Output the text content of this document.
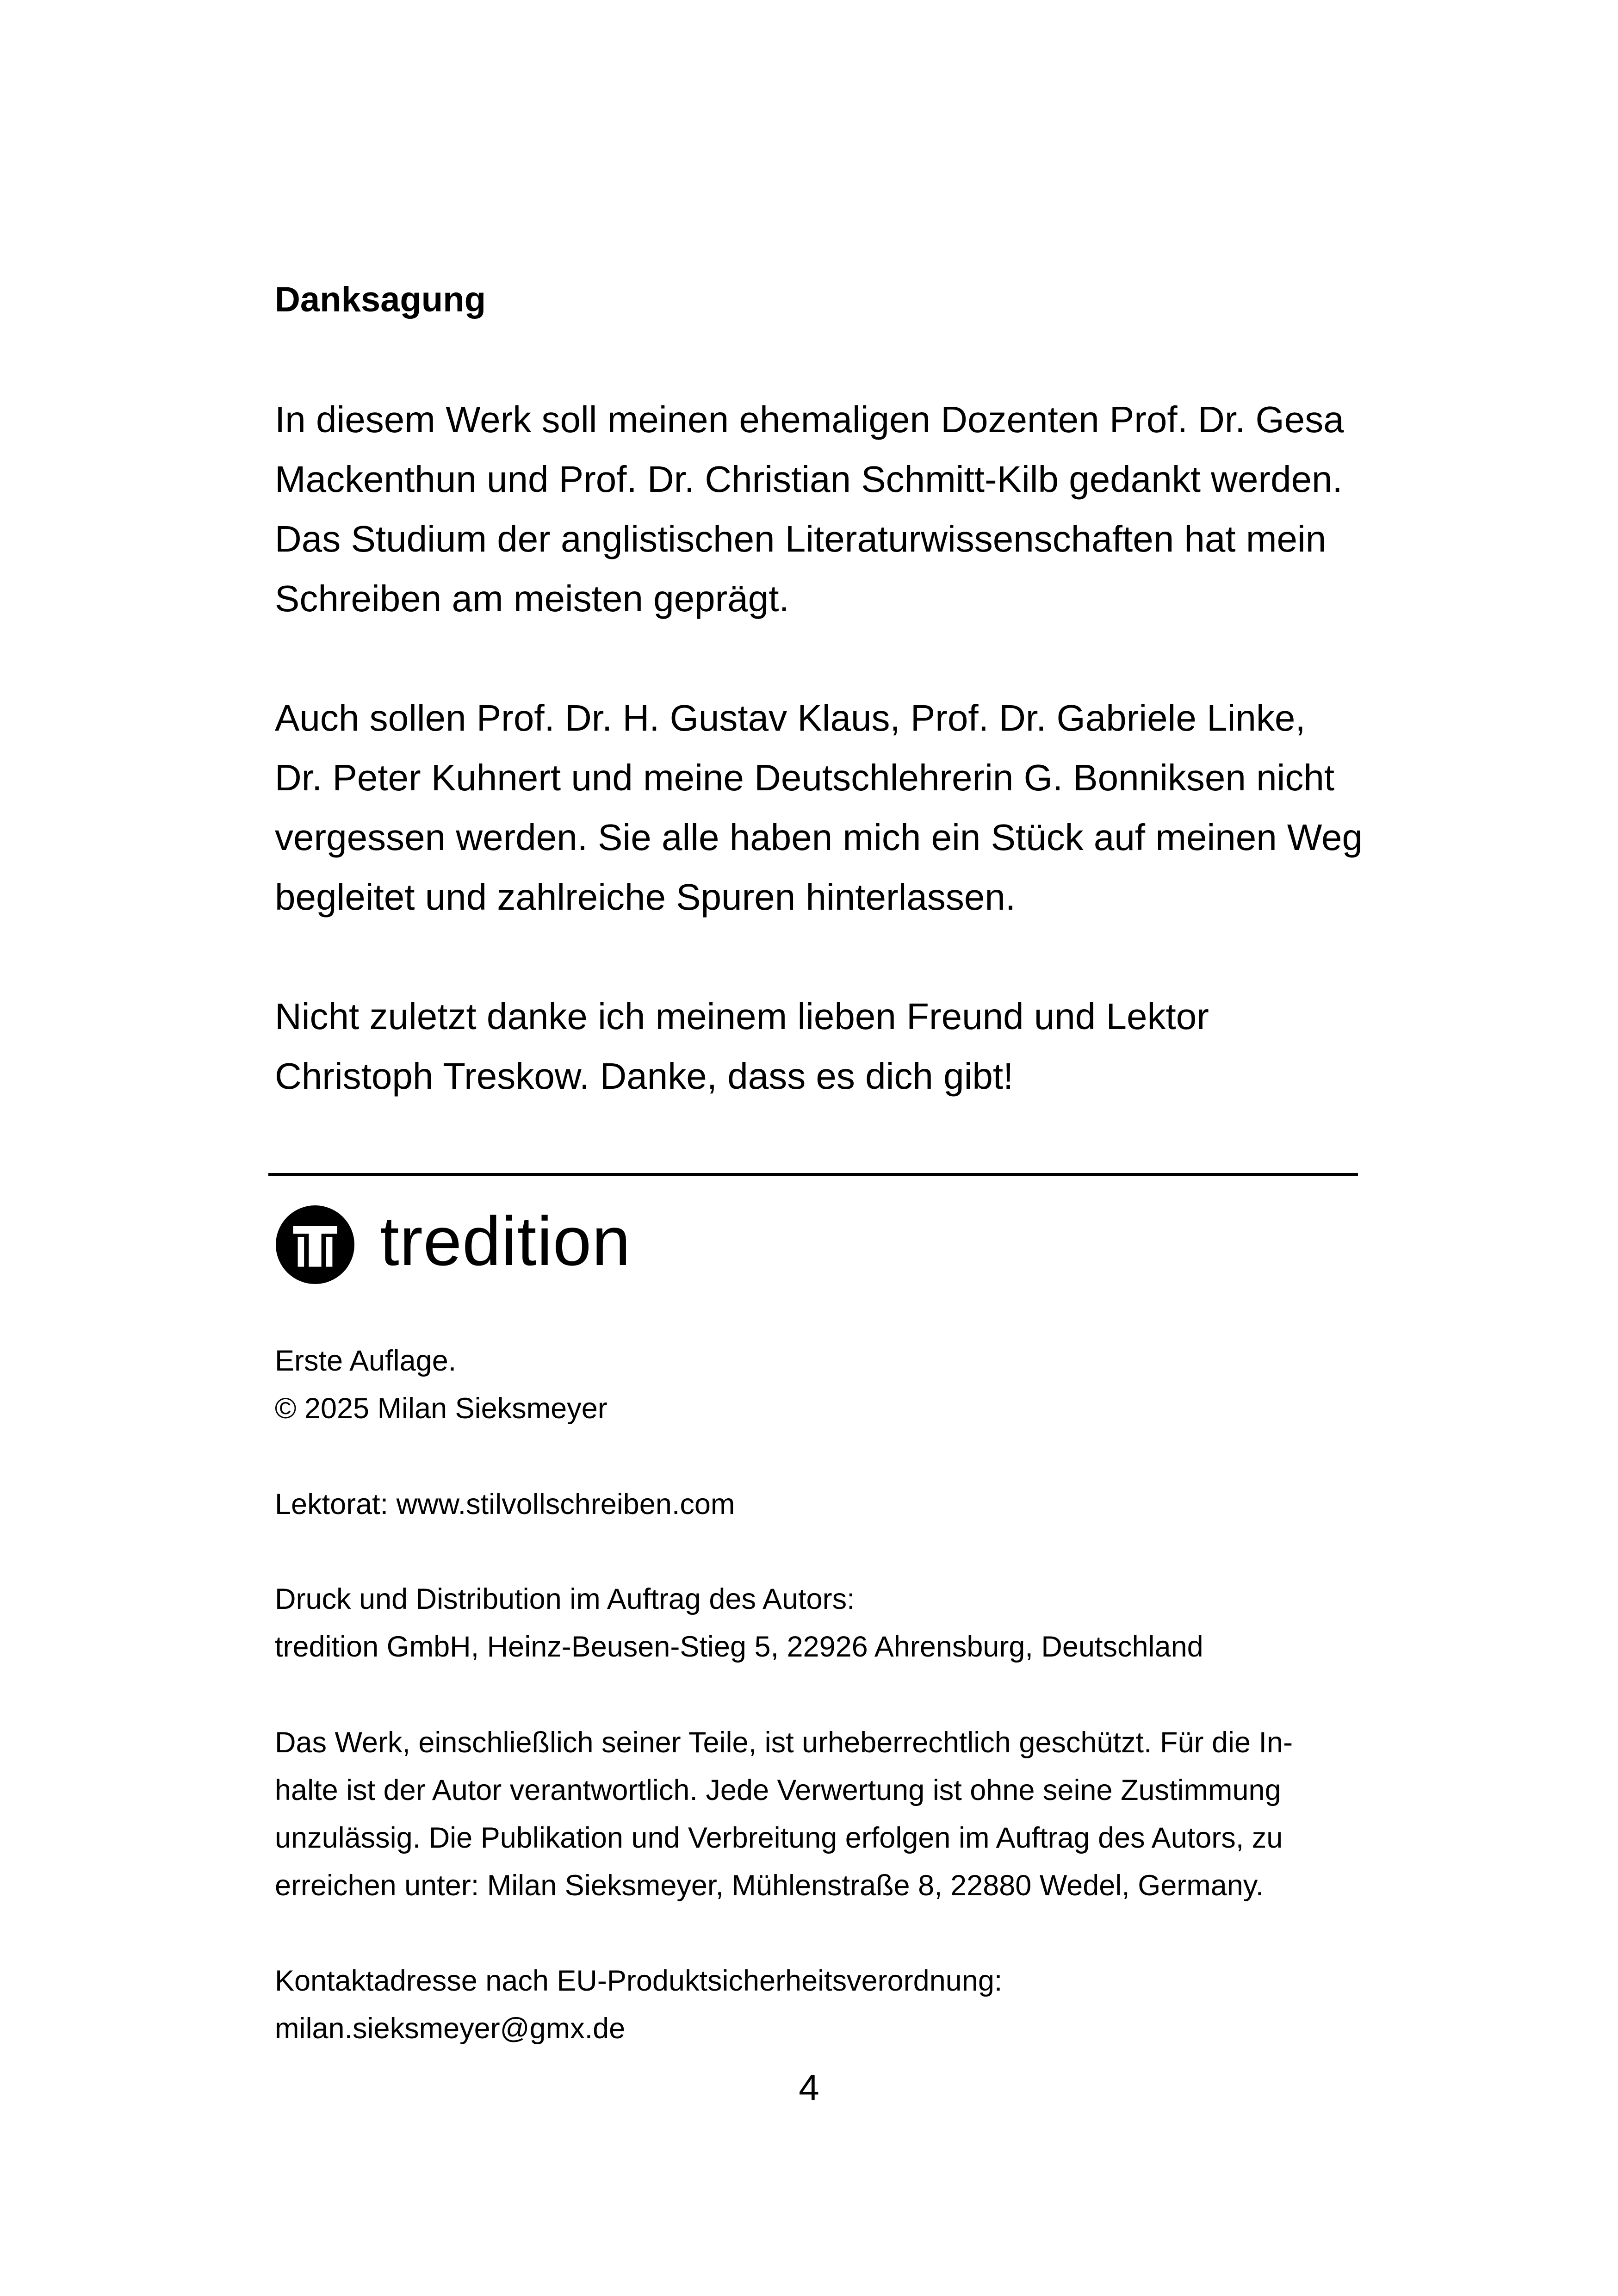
Danksagung

In diesem Werk soll meinen ehemaligen Dozenten Prof. Dr. Gesa
Mackenthun und Prof. Dr. Christian Schmitt-Kilb gedankt werden.
Das Studium der anglistischen Literaturwissenschaften hat mein
Schreiben am meisten geprägt.

Auch sollen Prof. Dr. H. Gustav Klaus, Prof. Dr. Gabriele Linke,
Dr. Peter Kuhnert und meine Deutschlehrerin G. Bonniksen nicht
vergessen werden. Sie alle haben mich ein Stück auf meinen Weg
begleitet und zahlreiche Spuren hinterlassen.

Nicht zuletzt danke ich meinem lieben Freund und Lektor
Christoph Treskow. Danke, dass es dich gibt!

tredition

Erste Auflage.
© 2025 Milan Sieksmeyer

Lektorat: www.stilvollschreiben.com

Druck und Distribution im Auftrag des Autors:
tredition GmbH, Heinz-Beusen-Stieg 5, 22926 Ahrensburg, Deutschland

Das Werk, einschließlich seiner Teile, ist urheberrechtlich geschützt. Für die In-
halte ist der Autor verantwortlich. Jede Verwertung ist ohne seine Zustimmung
unzulässig. Die Publikation und Verbreitung erfolgen im Auftrag des Autors, zu
erreichen unter: Milan Sieksmeyer, Mühlenstraße 8, 22880 Wedel, Germany.

Kontaktadresse nach EU-Produktsicherheitsverordnung:
milan.sieksmeyer@gmx.de

4
